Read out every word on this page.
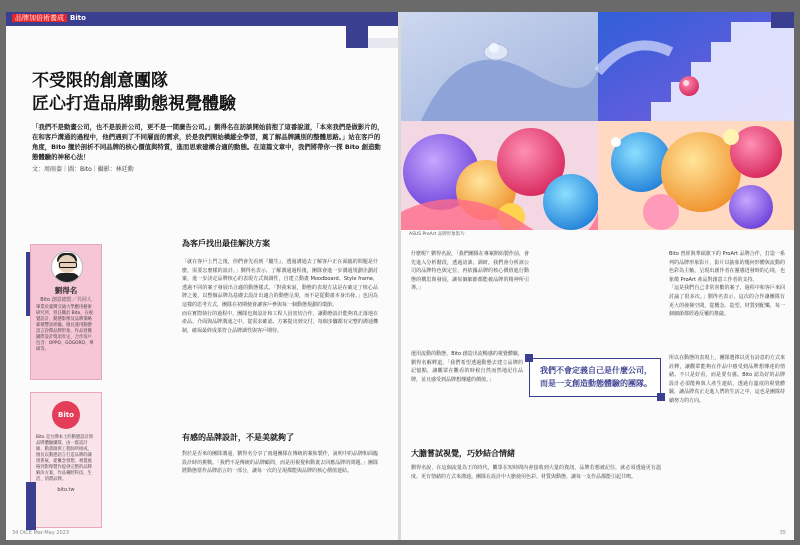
品牌加倍術養成 Bito
不受限的創意團隊
匠心打造品牌動態視覺體驗
「我們不是動畫公司，也不是設計公司，更不是一間廣告公司。」劉得名在訪談開始前抱了這番說道，「本來我們是做影片的，在和客戶溝通的過程中，他們遇到了不同層面的需求，於是我們開始橫縱全學習，奠了解品牌識別的整體思路。」站在客戶的角度，Bito 擅於剖析不同品牌的核心價值與特質，進而思索建構合適的動態。在這篇文章中，我們將帶你一探 Bito 創造動態體驗的神秘心法！
文：周雨蓁｜圖：Bito｜攝影：林廷勳
劉得名
Bito 創意總監／共同人
畢業於臺灣交通大學應用藝術研究所，曾任職於 Bito，在視覺設計、動態影像及品牌策略累積豐富經驗。擅長運用動態語言詮釋品牌形象，作品曾獲國際設計獎項肯定，合作客戶包含：OPPO、GOGORO、華碩等。
Bito
Bito 是台灣本土的動態設計與品牌體驗團隊，由一群設計師、動畫師與工程師所組成。擅長以動態語言打造品牌的識別系統，從概念發想、視覺風格到影像製作提供完整的品牌解決方案，作品橫跨科技、生活、消費品牌。
bito.tw
為客戶找出最佳解決方案
「就在客戶上門之後，你們會先看到『屬生』，透過溝通去了解客戶正在面臨的問題是什麼，需要怎麼樣的設計。」劉得名表示，了解溝通過程後，團隊會進一步溝通規劃企劃討案，進一步決定品牌核心的表現方式與調性，自建立動畫 Moodboard、Style frame，透過不同的案子發展出合適的動態樣式。「對我來說，動態的表現方法是在確定了核心品牌之後，以整個品牌為基礎去設計出適合的動態呈現，而不是從動畫本身出發。」也因為這樣的思考方式，團隊在初期便會讓客戶參與每一個動態規劃的環節。
而在實際執行的過程中，團隊也與設計和工程人員密切合作，讓動態設計能夠真正落地在產品、介面與品牌溝通之中。從需求確認、方案提出到交付，每個步驟都有完整的溝通機制，確保最終成果符合品牌調性與客戶期待。
有感的品牌設計，不是美就夠了
對於是否來的團隊溝通，劉得名分享了雨週團隊在傳統的案和製作，說明中的品牌和面臨設計時的挑戰。「我們不是傳統的品牌顧問，而是用視覺和動畫去回應品牌的問題。」團隊將動態當作品牌語言的一部分，讓每一次的呈現都能與品牌的核心價值連結。
34 DiCE Mar-May 2023
ASUS ProArt 品牌形象影片
什麼呢？劉得名說，「我們團隊在專案開始製作前，會先進入分析階段，透過訪談、調研，我們會分析該公司的品牌特色與定位，再依據品牌的核心價值進行動態的構思與發展，讓每個細節都能被品牌的精神所引導。」
運用流動的動態，Bito 創造出流暢感的視覺體驗，劉得名解釋道，「我們希望透過動態去建立品牌的記憶點，讓觀眾在觀看的時候自然而然地記住品牌，並且感受到品牌想傳遞的價值。」
我們不會定義自己是什麼公司，而是一支創造動態體驗的團隊。
大膽嘗試視覺，巧妙結合情緒
劉得名說，在這個流量為王的時代，觀眾在短時間內會接收到大量的資訊，品牌若想被記住，就必須透過更有溫度、更有情緒的方式來溝通。團隊在設計中大膽使用色彩、材質與動態，讓每一支作品都能引起共鳴。
Bito 曾經與華碩旗下的 ProArt 品牌合作，打造一系列的品牌形象影片，影片以抽象的幾何形體與流動的色彩為主軸，呈現出創作者在靈感迸發時的心境，也象徵 ProArt 產品對創意工作者的支持。
「這是我們自己非常喜歡的案子，過程中和客戶來回討論了很多次。」劉得名表示，這次的合作讓團隊有更大的發揮空間，從概念、造型、材質到配樂，每一個細節都經過反覆的推敲。
所以在動態的表現上，團隊選擇以更有詩意的方式來詮釋，讓觀眾能夠在作品中感受到品牌想傳達的情緒。不只是好看，而是要有感。Bito 認為好的品牌設計必須能夠與人產生連結，透過有溫度的視覺體驗，讓品牌真正走進人們的生活之中，這也是團隊持續努力的方向。
35
